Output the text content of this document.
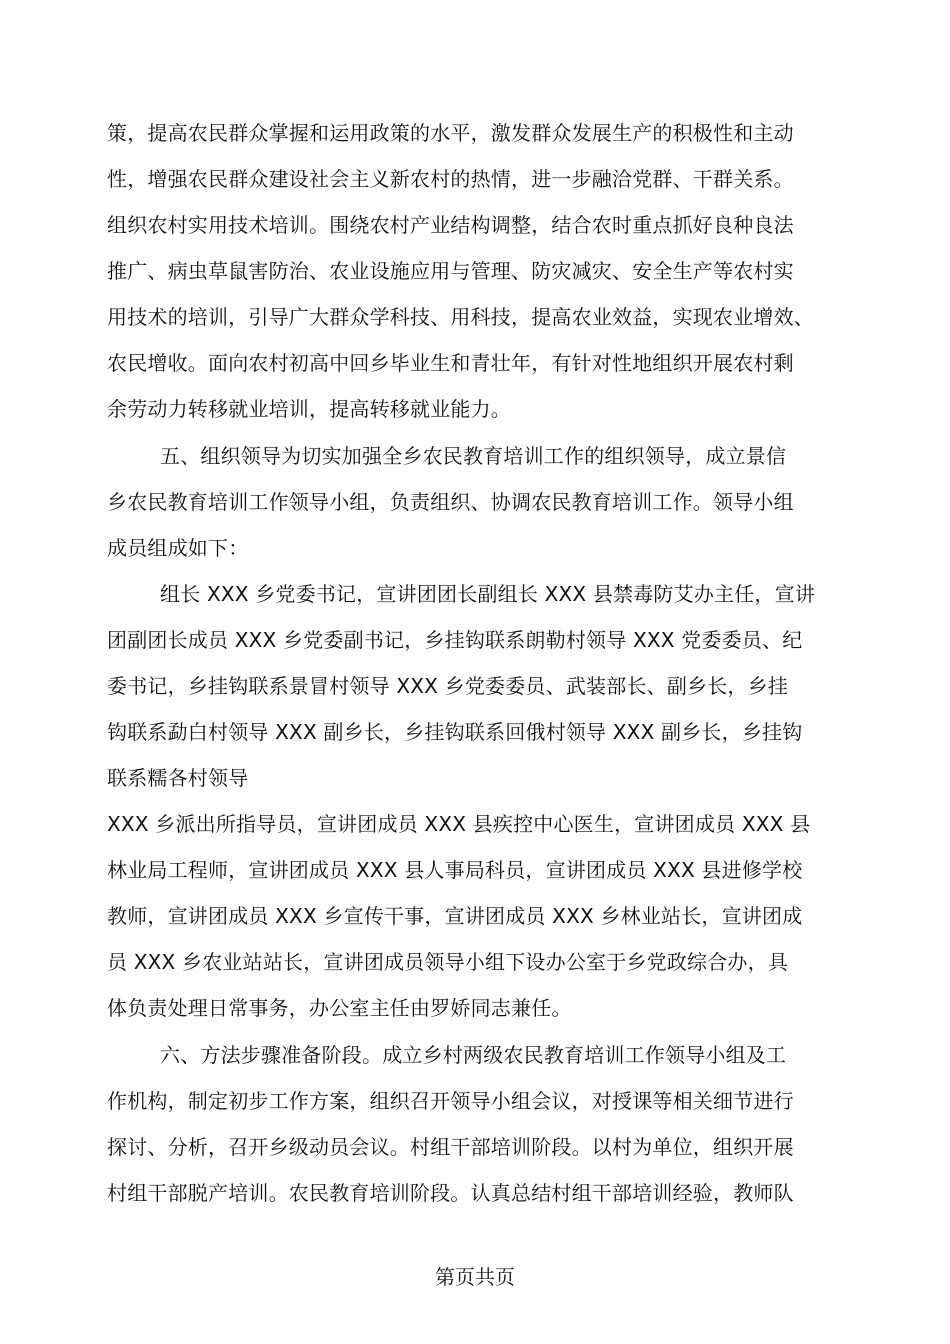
策，提高农民群众掌握和运用政策的水平，激发群众发展生产的积极性和主动
性，增强农民群众建设社会主义新农村的热情，进一步融洽党群、干群关系。
组织农村实用技术培训。围绕农村产业结构调整，结合农时重点抓好良种良法
推广、病虫草鼠害防治、农业设施应用与管理、防灾减灾、安全生产等农村实
用技术的培训，引导广大群众学科技、用科技，提高农业效益，实现农业增效、
农民增收。面向农村初高中回乡毕业生和青壮年，有针对性地组织开展农村剩
余劳动力转移就业培训，提高转移就业能力。
五、组织领导为切实加强全乡农民教育培训工作的组织领导，成立景信
乡农民教育培训工作领导小组，负责组织、协调农民教育培训工作。领导小组
成员组成如下：
组长 XXX 乡党委书记，宣讲团团长副组长 XXX 县禁毒防艾办主任，宣讲
团副团长成员 XXX 乡党委副书记，乡挂钩联系朗勒村领导 XXX 党委委员、纪
委书记，乡挂钩联系景冒村领导 XXX 乡党委委员、武装部长、副乡长，乡挂
钩联系勐白村领导 XXX 副乡长，乡挂钩联系回俄村领导 XXX 副乡长，乡挂钩
联系糯各村领导
XXX 乡派出所指导员，宣讲团成员 XXX 县疾控中心医生，宣讲团成员 XXX 县
林业局工程师，宣讲团成员 XXX 县人事局科员，宣讲团成员 XXX 县进修学校
教师，宣讲团成员 XXX 乡宣传干事，宣讲团成员 XXX 乡林业站长，宣讲团成
员 XXX 乡农业站站长，宣讲团成员领导小组下设办公室于乡党政综合办，具
体负责处理日常事务，办公室主任由罗娇同志兼任。
六、方法步骤准备阶段。成立乡村两级农民教育培训工作领导小组及工
作机构，制定初步工作方案，组织召开领导小组会议，对授课等相关细节进行
探讨、分析，召开乡级动员会议。村组干部培训阶段。以村为单位，组织开展
村组干部脱产培训。农民教育培训阶段。认真总结村组干部培训经验，教师队
第页共页
